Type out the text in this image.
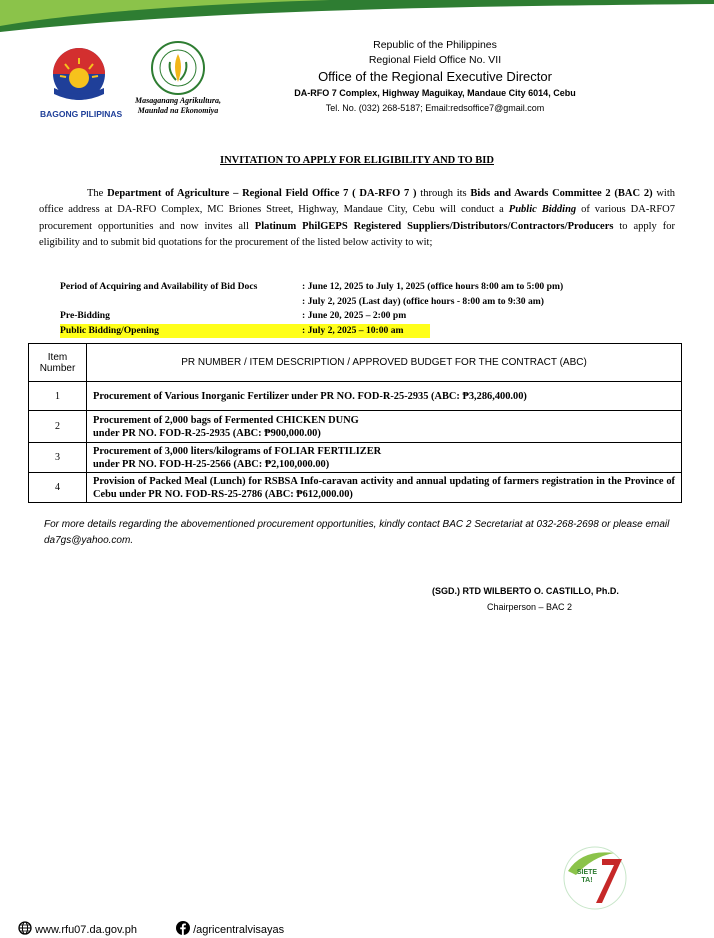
BAGONG PILIPINAS
Masaganang Agrikultura, Maunlad na Ekonomiya
Republic of the Philippines
Regional Field Office No. VII
Office of the Regional Executive Director
DA-RFO 7 Complex, Highway Maguikay, Mandaue City 6014, Cebu
Tel. No. (032) 268-5187; Email:redsoffice7@gmail.com
INVITATION TO APPLY FOR ELIGIBILITY AND TO BID
The Department of Agriculture – Regional Field Office 7 ( DA-RFO 7 ) through its Bids and Awards Committee 2 (BAC 2) with office address at DA-RFO Complex, MC Briones Street, Highway, Mandaue City, Cebu will conduct a Public Bidding of various DA-RFO7 procurement opportunities and now invites all Platinum PhilGEPS Registered Suppliers/Distributors/Contractors/Producers to apply for eligibility and to submit bid quotations for the procurement of the listed below activity to wit;
Period of Acquiring and Availability of Bid Docs	: June 12, 2025 to July 1, 2025 (office hours 8:00 am to 5:00 pm)
: July 2, 2025 (Last day) (office hours - 8:00 am to 9:30 am)
Pre-Bidding	: June 20, 2025 – 2:00 pm
Public Bidding/Opening	: July 2, 2025 – 10:00 am
Item
Number	PR NUMBER / ITEM DESCRIPTION / APPROVED BUDGET FOR THE CONTRACT (ABC)
1	Procurement of Various Inorganic Fertilizer under PR NO. FOD-R-25-2935 (ABC: ₱3,286,400.00)

2	Procurement of 2,000 bags of Fermented CHICKEN DUNG
under PR NO. FOD-R-25-2935 (ABC: ₱900,000.00)

3	Procurement of 3,000 liters/kilograms of FOLIAR FERTILIZER
under PR NO. FOD-H-25-2566 (ABC: ₱2,100,000.00)

4	Provision of Packed Meal (Lunch) for RSBSA Info-caravan activity and annual updating of farmers registration in the Province of Cebu under PR NO. FOD-RS-25-2786 (ABC: ₱612,000.00)
For more details regarding the abovementioned procurement opportunities, kindly contact BAC 2 Secretariat at 032-268-2698 or please email da7gs@yahoo.com.
(SGD.) RTD WILBERTO O. CASTILLO, Ph.D.
Chairperson – BAC 2
SIETE
TA!
www.rfu07.da.gov.ph	/agricentralvisayas
